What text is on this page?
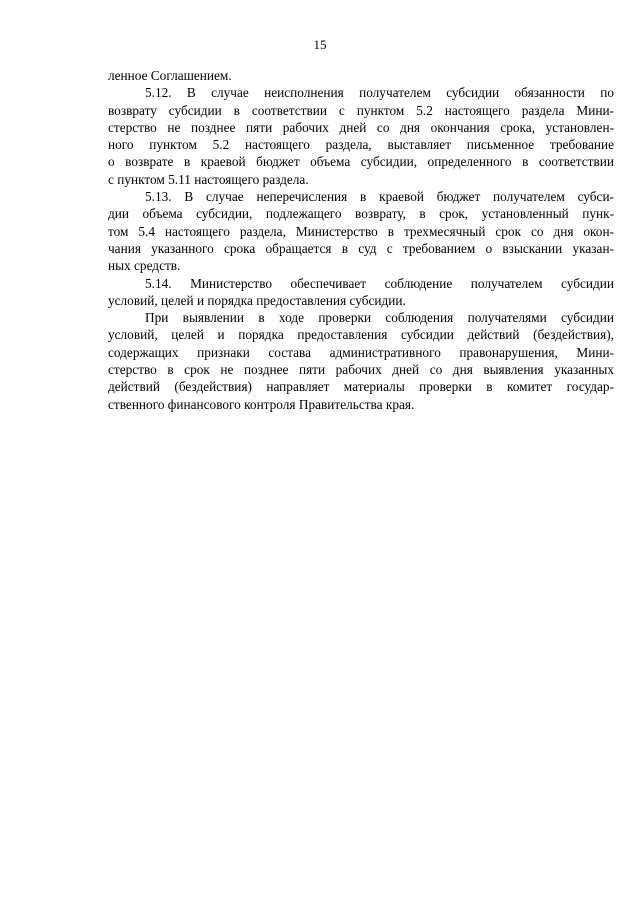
15
ленное Соглашением.
5.12. В случае неисполнения получателем субсидии обязанности по
возврату субсидии в соответствии с пунктом 5.2 настоящего раздела Мини-
стерство не позднее пяти рабочих дней со дня окончания срока, установлен-
ного пунктом 5.2 настоящего раздела, выставляет письменное требование
о возврате в краевой бюджет объема субсидии, определенного в соответствии
с пунктом 5.11 настоящего раздела.
5.13. В случае неперечисления в краевой бюджет получателем субси-
дии объема субсидии, подлежащего возврату, в срок, установленный пунк-
том 5.4 настоящего раздела, Министерство в трехмесячный срок со дня окон-
чания указанного срока обращается в суд с требованием о взыскании указан-
ных средств.
5.14. Министерство обеспечивает соблюдение получателем субсидии
условий, целей и порядка предоставления субсидии.
При выявлении в ходе проверки соблюдения получателями субсидии
условий, целей и порядка предоставления субсидии действий (бездействия),
содержащих признаки состава административного правонарушения, Мини-
стерство в срок не позднее пяти рабочих дней со дня выявления указанных
действий (бездействия) направляет материалы проверки в комитет государ-
ственного финансового контроля Правительства края.
